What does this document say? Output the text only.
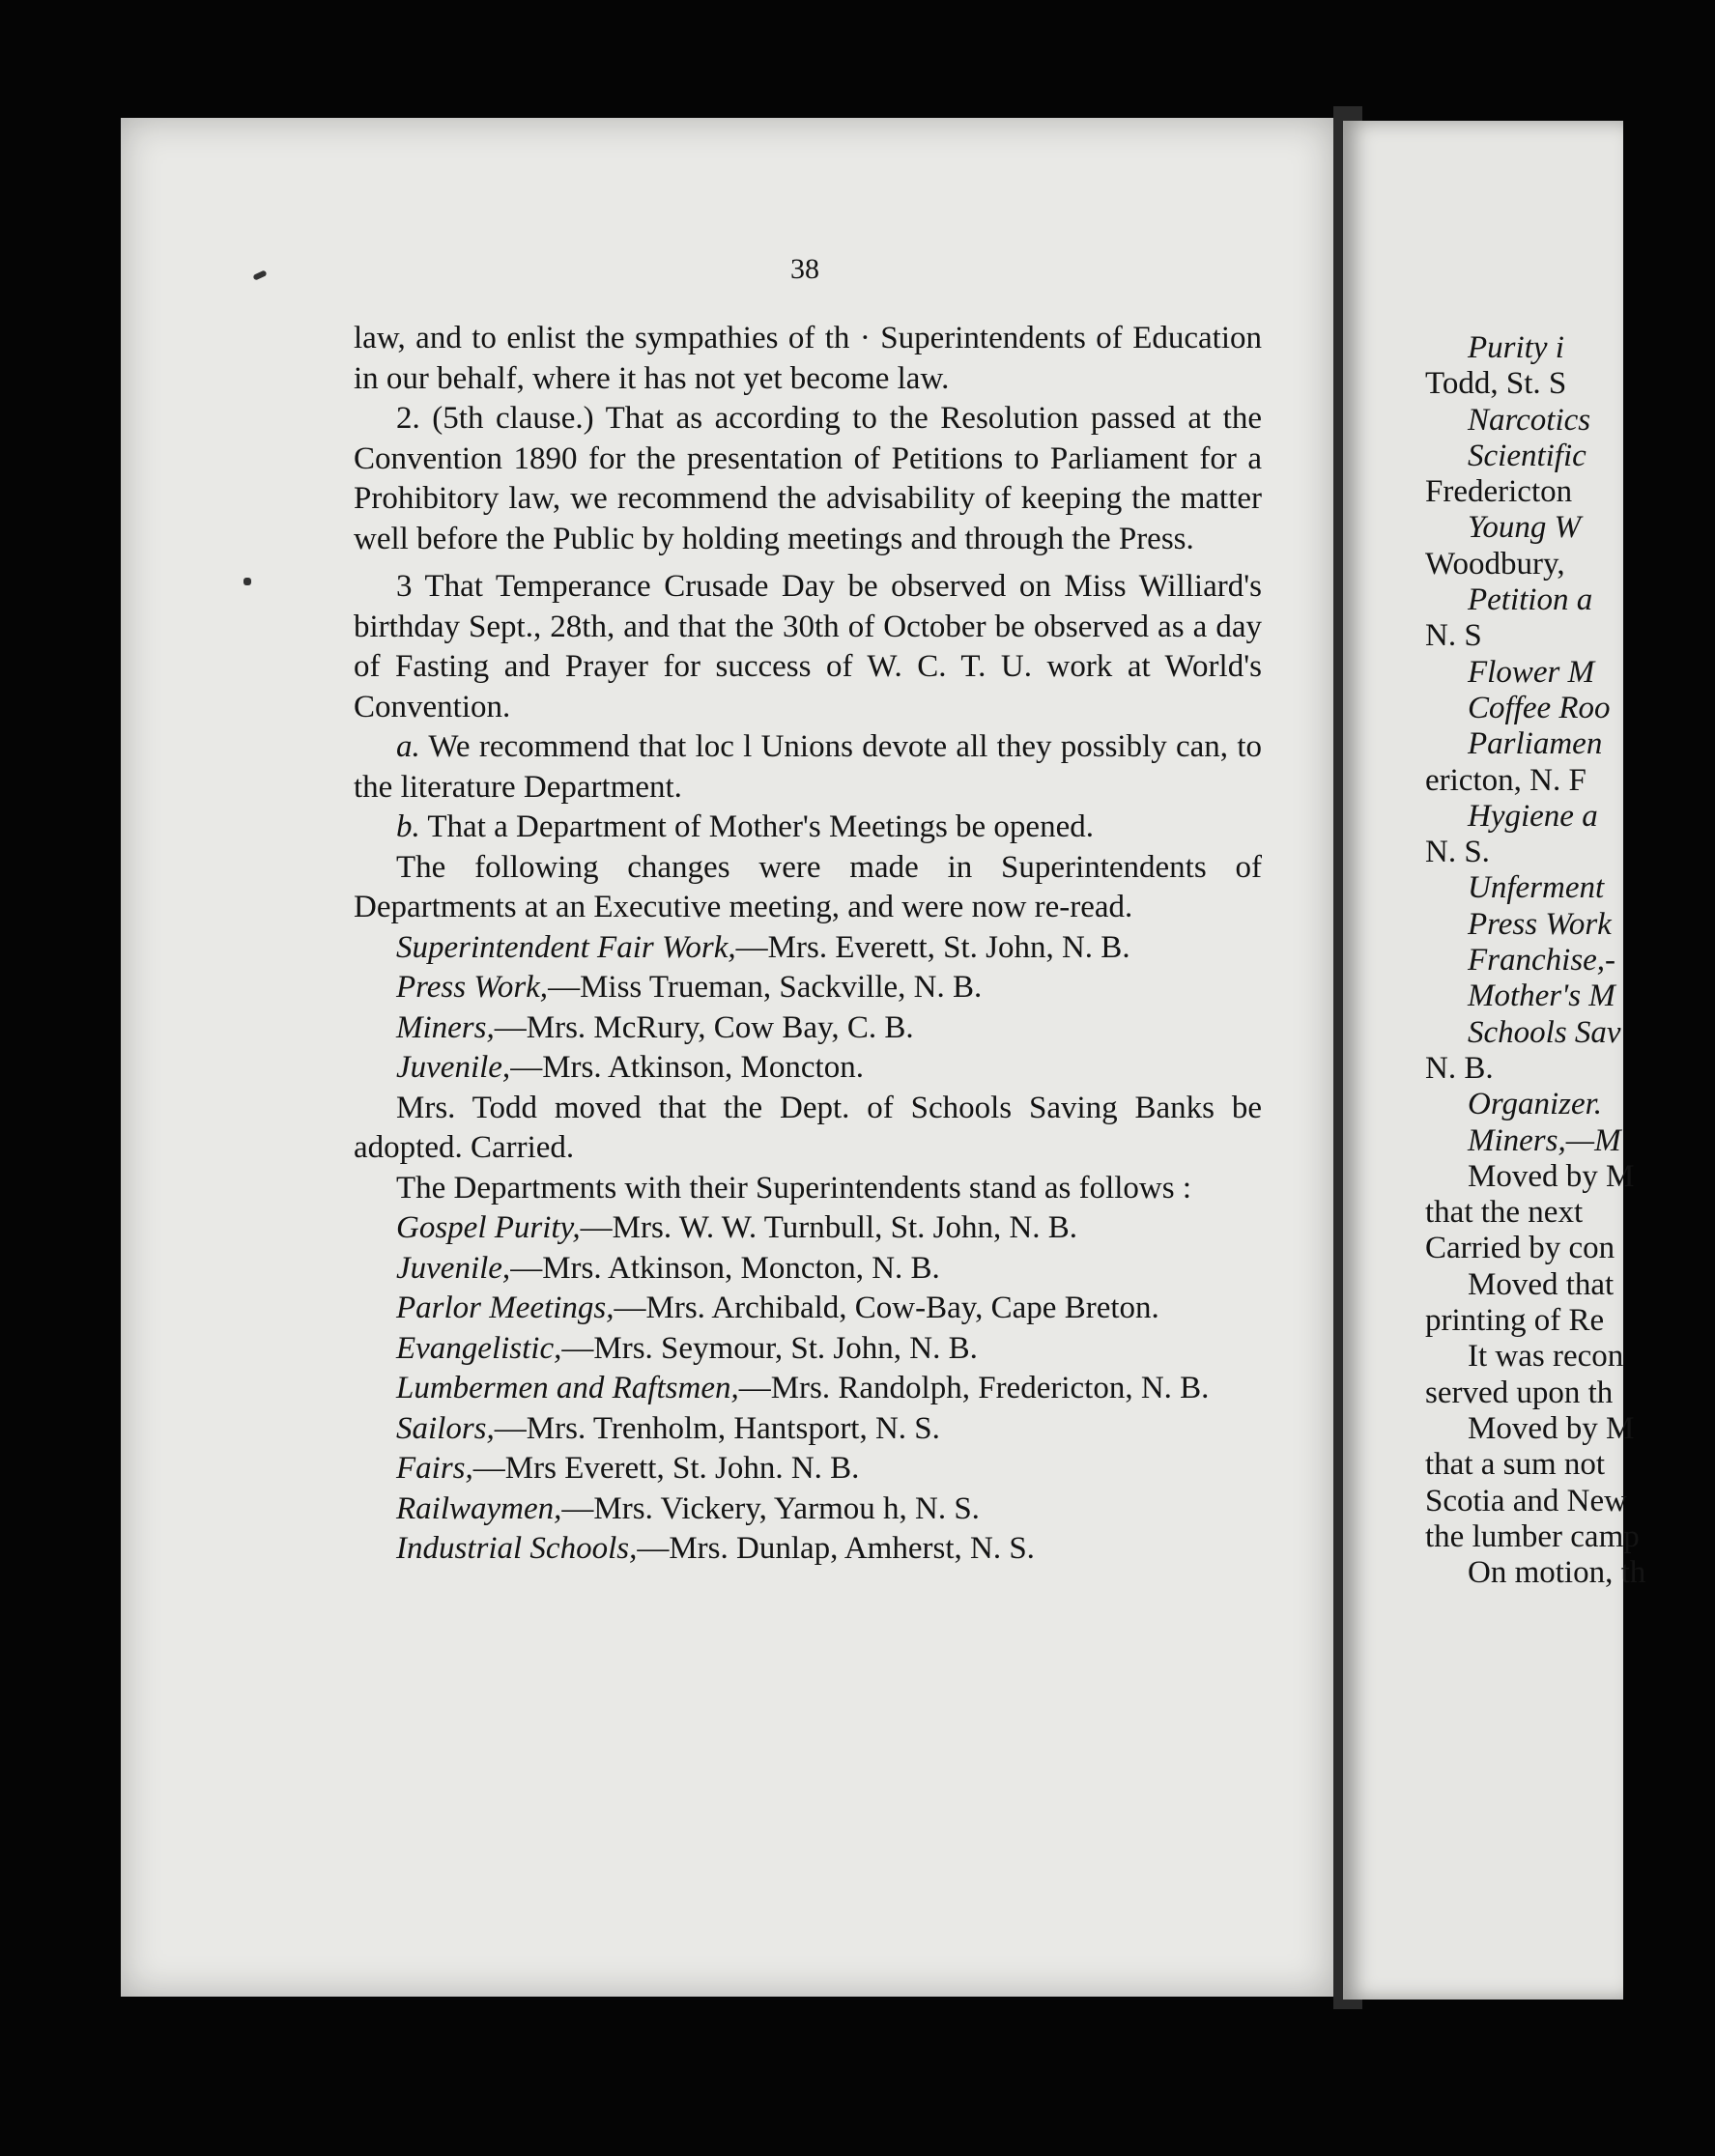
38

law, and to enlist the sympathies of th · Superintendents of Education in our behalf, where it has not yet become law.

2. (5th clause.) That as according to the Resolution passed at the Convention 1890 for the presentation of Petitions to Parliament for a Prohibitory law, we recommend the advisability of keeping the matter well before the Public by holding meetings and through the Press.

3 That Temperance Crusade Day be observed on Miss Williard's birthday Sept., 28th, and that the 30th of October be observed as a day of Fasting and Prayer for success of W. C. T. U. work at World's Convention.

a. We recommend that loc l Unions devote all they possibly can, to the literature Department.

b. That a Department of Mother's Meetings be opened.

The following changes were made in Superintendents of Departments at an Executive meeting, and were now re-read.

Superintendent Fair Work,—Mrs. Everett, St. John, N. B.

Press Work,—Miss Trueman, Sackville, N. B.

Miners,—Mrs. McRury, Cow Bay, C. B.

Juvenile,—Mrs. Atkinson, Moncton.

Mrs. Todd moved that the Dept. of Schools Saving Banks be adopted. Carried.

The Departments with their Superintendents stand as follows :

Gospel Purity,—Mrs. W. W. Turnbull, St. John, N. B.

Juvenile,—Mrs. Atkinson, Moncton, N. B.

Parlor Meetings,—Mrs. Archibald, Cow-Bay, Cape Breton.

Evangelistic,—Mrs. Seymour, St. John, N. B.

Lumbermen and Raftsmen,—Mrs. Randolph, Fredericton, N. B.

Sailors,—Mrs. Trenholm, Hantsport, N. S.

Fairs,—Mrs Everett, St. John. N. B.

Railwaymen,—Mrs. Vickery, Yarmou h, N. S.

Industrial Schools,—Mrs. Dunlap, Amherst, N. S.

Purity i
Todd, St. S
Narcotics
Scientific
Fredericton
Young W
Woodbury,
Petition a
N. S
Flower M
Coffee Roo
Parliamen
ericton, N. F
Hygiene a
N. S.
Unferment
Press Work
Franchise,-
Mother's M
Schools Sav
N. B.
Organizer.
Miners,—M
Moved by M
that the next
Carried by con
Moved that
printing of Re
It was recon
served upon th
Moved by M
that a sum not
Scotia and New
the lumber camp
On motion, th
